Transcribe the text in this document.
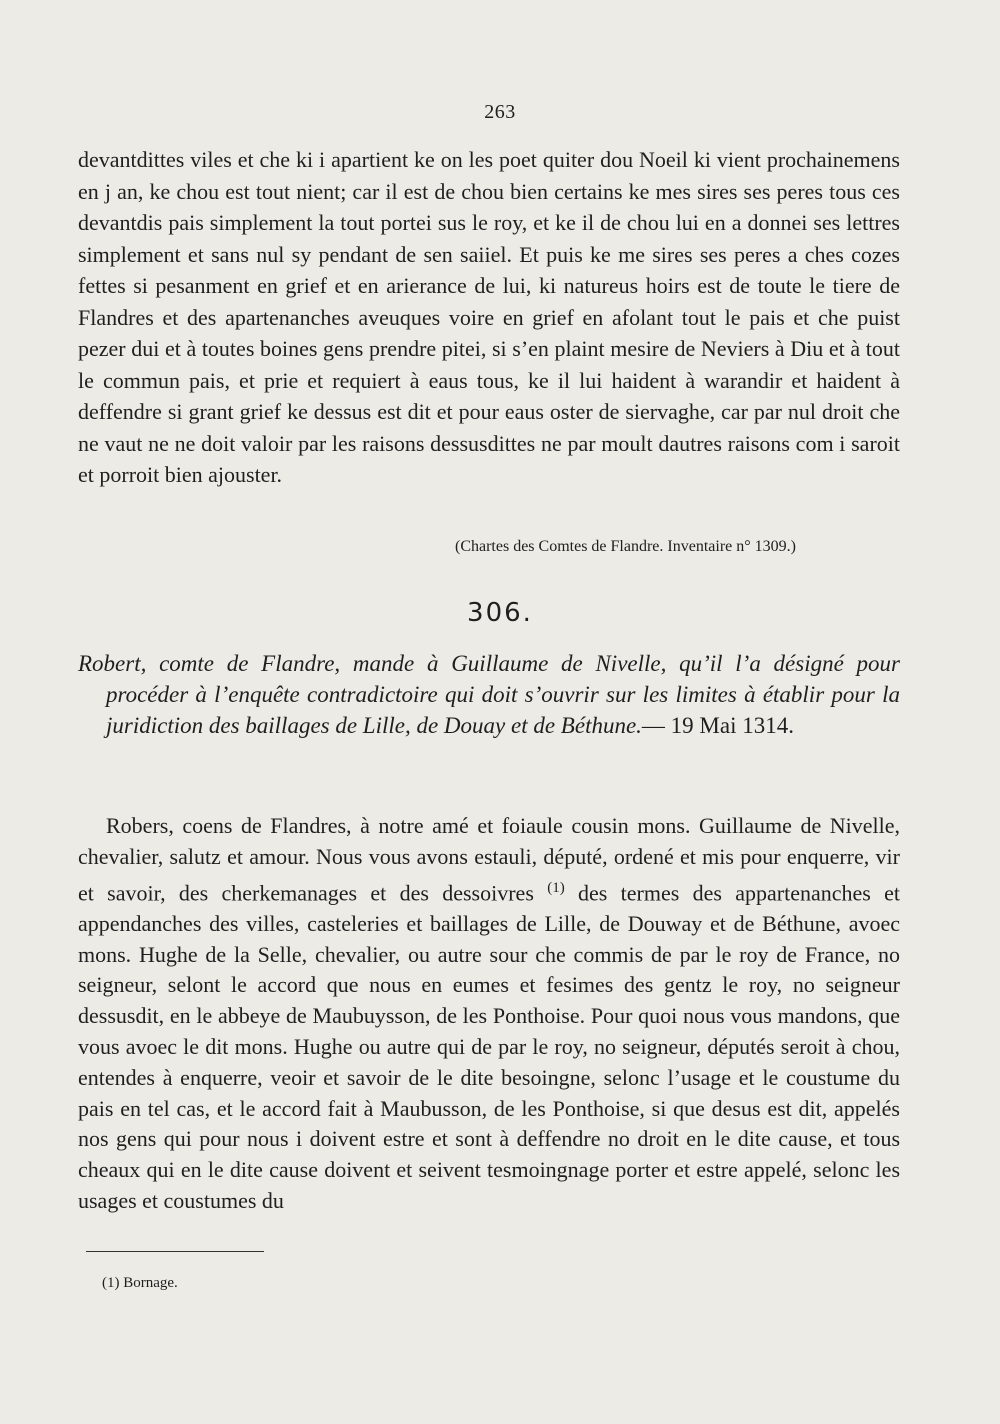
263

devantdittes viles et che ki i apartient ke on les poet quiter dou Noeil ki vient prochainemens en j an, ke chou est tout nient; car il est de chou bien certains ke mes sires ses peres tous ces devantdis pais simplement la tout portei sus le roy, et ke il de chou lui en a donnei ses lettres simplement et sans nul sy pendant de sen saiiel. Et puis ke me sires ses peres a ches cozes fettes si pesanment en grief et en arierance de lui, ki natureus hoirs est de toute le tiere de Flandres et des apartenanches aveuques voire en grief en afolant tout le pais et che puist pezer dui et à toutes boines gens prendre pitei, si s’en plaint mesire de Neviers à Diu et à tout le commun pais, et prie et requiert à eaus tous, ke il lui haident à warandir et haident à deffendre si grant grief ke dessus est dit et pour eaus oster de siervaghe, car par nul droit che ne vaut ne ne doit valoir par les raisons dessusdittes ne par moult dautres raisons com i saroit et porroit bien ajouster.

(Chartes des Comtes de Flandre. Inventaire n° 1309.)
306.
Robert, comte de Flandre, mande à Guillaume de Nivelle, qu’il l’a désigné pour procéder à l’enquête contradictoire qui doit s’ouvrir sur les limites à établir pour la juridiction des baillages de Lille, de Douay et de Béthune.— 19 Mai 1314.

Robers, coens de Flandres, à notre amé et foiaule cousin mons. Guillaume de Nivelle, chevalier, salutz et amour. Nous vous avons estauli, député, ordené et mis pour enquerre, vir et savoir, des cherkemanages et des dessoivres $^{(1)}$ des termes des appartenanches et appendanches des villes, casteleries et baillages de Lille, de Douway et de Béthune, avoec mons. Hughe de la Selle, chevalier, ou autre sour che commis de par le roy de France, no seigneur, selont le accord que nous en eumes et fesimes des gentz le roy, no seigneur dessusdit, en le abbeye de Maubuysson, de les Ponthoise. Pour quoi nous vous mandons, que vous avoec le dit mons. Hughe ou autre qui de par le roy, no seigneur, députés seroit à chou, entendes à enquerre, veoir et savoir de le dite besoingne, selonc l’usage et le coustume du pais en tel cas, et le accord fait à Maubusson, de les Ponthoise, si que desus est dit, appelés nos gens qui pour nous i doivent estre et sont à deffendre no droit en le dite cause, et tous cheaux qui en le dite cause doivent et seivent tesmoingnage porter et estre appelé, selonc les usages et coustumes du

(1) Bornage.
